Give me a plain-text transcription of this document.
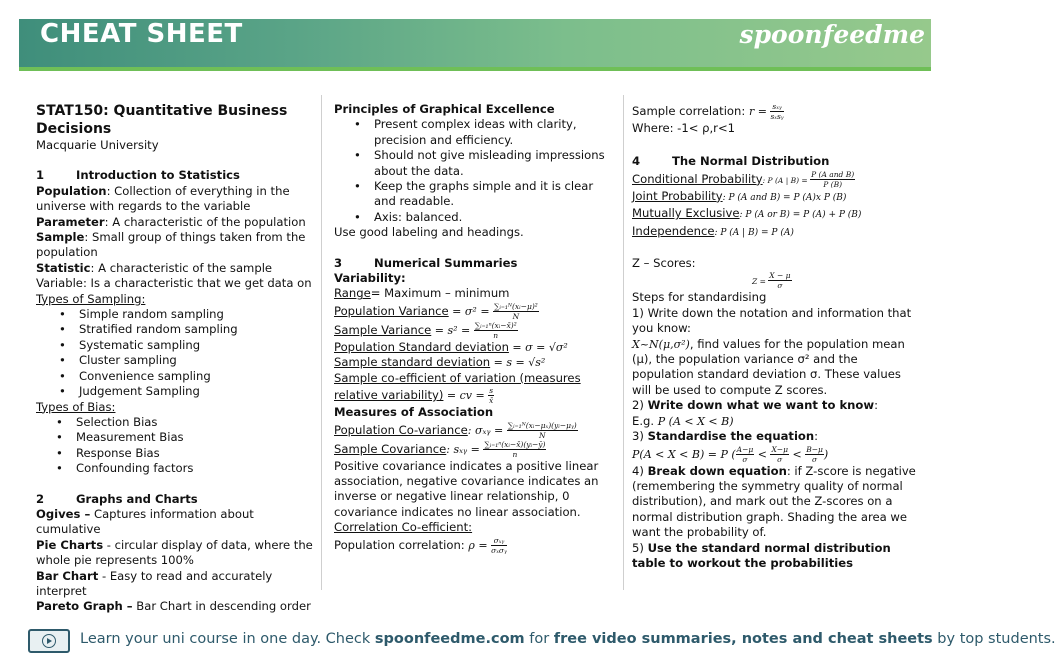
CHEAT SHEET	spoonfeedme
STAT150: Quantitative Business Decisions
Macquarie University
1	Introduction to Statistics
Population: Collection of everything in the universe with regards to the variable
Parameter: A characteristic of the population
Sample: Small group of things taken from the population
Statistic: A characteristic of the sample
Variable: Is a characteristic that we get data on
Types of Sampling:
• Simple random sampling
• Stratified random sampling
• Systematic sampling
• Cluster sampling
• Convenience sampling
• Judgement Sampling
Types of Bias:
• Selection Bias
• Measurement Bias
• Response Bias
• Confounding factors
2	Graphs and Charts
Ogives – Captures information about cumulative
Pie Charts - circular display of data, where the whole pie represents 100%
Bar Chart - Easy to read and accurately interpret
Pareto Graph – Bar Chart in descending order
Principles of Graphical Excellence
• Present complex ideas with clarity, precision and efficiency.
• Should not give misleading impressions about the data.
• Keep the graphs simple and it is clear and readable.
• Axis: balanced.
Use good labeling and headings.
3	Numerical Summaries
Variability:
Range= Maximum – minimum
Population Variance = $\sigma^2 = \frac{\text{∑ᵢ₌₁ᴺ(xᵢ−μ)²}}{N}$
Sample Variance = $s^2 = \frac{\text{∑ᵢ₌₁ⁿ(xᵢ−x̄)²}}{n}$
Population Standard deviation = σ = √σ²
Sample standard deviation = s = √s²
Sample co-efficient of variation (measures relative variability) = cv = $\frac{s}{x̄}$
Measures of Association
Population Co-variance: σₓᵧ = $\frac{\text{∑ᵢ₌₁ᴺ(xᵢ−μₓ)(yᵢ−μᵧ)}}{N}$
Sample Covariance: sₓᵧ = $\frac{\text{∑ᵢ₌₁ⁿ(xᵢ−x̄)(yᵢ−ȳ)}}{n}$
Positive covariance indicates a positive linear association, negative covariance indicates an inverse or negative linear relationship, 0 covariance indicates no linear association.
Correlation Co-efficient:
Population correlation: $\rho = \frac{\text{σₓᵧ}}{\text{σₓσᵧ}}$
Sample correlation: $r = \frac{\text{sₓᵧ}}{\text{sₓsᵧ}}$
Where: -1< ρ,r<1
4	The Normal Distribution
Conditional Probability: P (A | $B) = \frac{\text{P (A and B)}}{P (B)}$
Joint Probability: P (A and B) = P (A)x P (B)
Mutually Exclusive: P (A or B) = P (A) + P (B)
Independence: P (A | B) = P (A)
Z – Scores:
$Z = \frac{X - \mu}{\sigma}$
Steps for standardising
1) Write down the notation and information that you know:
X~N(μ,σ²), find values for the population mean (μ), the population variance σ² and the population standard deviation σ. These values will be used to compute Z scores.
2) Write down what we want to know:
E.g. P (A < X < B)
3) Standardise the equation:
P(A < X < B) = P ( $\frac{A-\mu}{\sigma} < \frac{X-\mu}{\sigma} < \frac{B-\mu}{\sigma}$ )
4) Break down equation: if Z-score is negative (remembering the symmetry quality of normal distribution), and mark out the Z-scores on a normal distribution graph. Shading the area we want the probability of.
5) Use the standard normal distribution table to workout the probabilities
Learn your uni course in one day. Check spoonfeedme.com for free video summaries, notes and cheat sheets by top students.
